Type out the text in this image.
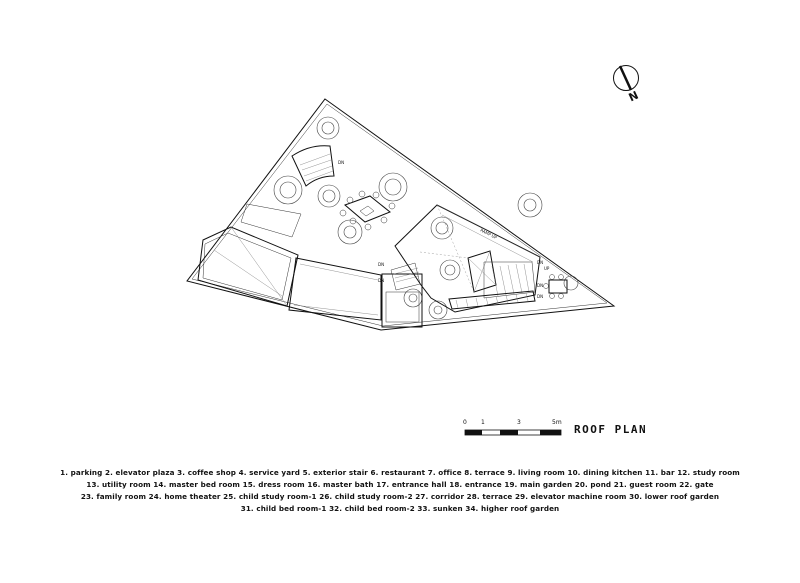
DN
DN
DN
RAMP UP
DN
DN
DN
UP
0 1	3	5m
ROOF PLAN
N
1. parking 2. elevator plaza 3. coffee shop 4. service yard 5. exterior stair 6. restaurant 7. office 8. terrace 9. living room 10. dining kitchen 11. bar 12. study room
13. utility room 14. master bed room 15. dress room 16. master bath 17. entrance hall 18. entrance 19. main garden 20. pond 21. guest room 22. gate
23. family room 24. home theater 25. child study room-1 26. child study room-2 27. corridor 28. terrace 29. elevator machine room 30. lower roof garden
31. child bed room-1 32. child bed room-2 33. sunken 34. higher roof garden
